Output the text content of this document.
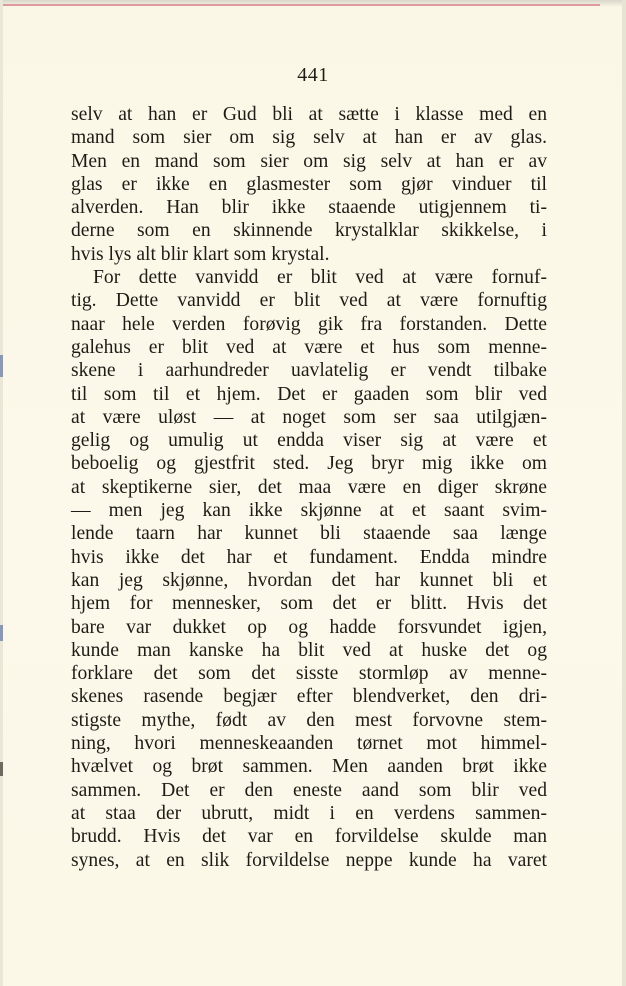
441
selv at han er Gud bli at sætte i klasse med en
mand som sier om sig selv at han er av glas.
Men en mand som sier om sig selv at han er av
glas er ikke en glasmester som gjør vinduer til
alverden. Han blir ikke staaende utigjennem ti-
derne som en skinnende krystalklar skikkelse, i
hvis lys alt blir klart som krystal.
For dette vanvidd er blit ved at være fornuf-
tig. Dette vanvidd er blit ved at være fornuftig
naar hele verden forøvig gik fra forstanden. Dette
galehus er blit ved at være et hus som menne-
skene i aarhundreder uavlatelig er vendt tilbake
til som til et hjem. Det er gaaden som blir ved
at være uløst — at noget som ser saa utilgjæn-
gelig og umulig ut endda viser sig at være et
beboelig og gjestfrit sted. Jeg bryr mig ikke om
at skeptikerne sier, det maa være en diger skrøne
— men jeg kan ikke skjønne at et saant svim-
lende taarn har kunnet bli staaende saa længe
hvis ikke det har et fundament. Endda mindre
kan jeg skjønne, hvordan det har kunnet bli et
hjem for mennesker, som det er blitt. Hvis det
bare var dukket op og hadde forsvundet igjen,
kunde man kanske ha blit ved at huske det og
forklare det som det sisste stormløp av menne-
skenes rasende begjær efter blendverket, den dri-
stigste mythe, født av den mest forvovne stem-
ning, hvori menneskeaanden tørnet mot himmel-
hvælvet og brøt sammen. Men aanden brøt ikke
sammen. Det er den eneste aand som blir ved
at staa der ubrutt, midt i en verdens sammen-
brudd. Hvis det var en forvildelse skulde man
synes, at en slik forvildelse neppe kunde ha varet
